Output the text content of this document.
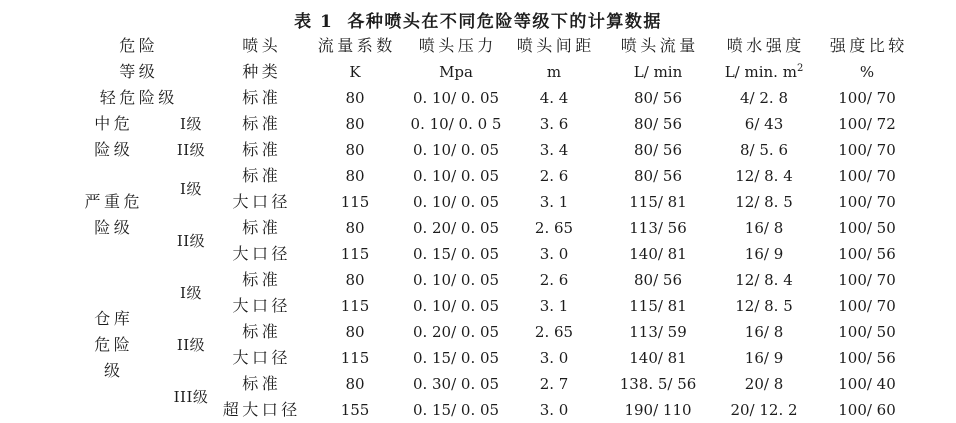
表 1 各种喷头在不同危险等级下的计算数据
危险		喷头	流量系数	喷头压力	喷头间距	喷头流量	喷水强度	强度比较
等级		种类	K	Mpa	m	L/ min	L/ min. $m^2$	%
轻危险级		标准	80	0. 10/ 0. 05	4. 4	80/ 56	4/ 2. 8	100/ 70

中危
险级	I级	标准	80	0. 10/ 0. 0 5	3. 6	80/ 56	6/ 43	100/ 72
	II级	标准	80	0. 10/ 0. 05	3. 4	80/ 56	8/ 5. 6	100/ 70

严重危
险级	I级	标准	80	0. 10/ 0. 05	2. 6	80/ 56	12/ 8. 4	100/ 70
		大口径	115	0. 10/ 0. 05	3. 1	115/ 81	12/ 8. 5	100/ 70
	II级	标准	80	0. 20/ 0. 05	2. 65	113/ 56	16/ 8	100/ 50
		大口径	115	0. 15/ 0. 05	3. 0	140/ 81	16/ 9	100/ 56

仓库
危险
级	I级	标准	80	0. 10/ 0. 05	2. 6	80/ 56	12/ 8. 4	100/ 70
		大口径	115	0. 10/ 0. 05	3. 1	115/ 81	12/ 8. 5	100/ 70
	II级	标准	80	0. 20/ 0. 05	2. 65	113/ 59	16/ 8	100/ 50
		大口径	115	0. 15/ 0. 05	3. 0	140/ 81	16/ 9	100/ 56
	III级	标准	80	0. 30/ 0. 05	2. 7	138. 5/ 56	20/ 8	100/ 40
		超大口径	155	0. 15/ 0. 05	3. 0	190/ 110	20/ 12. 2	100/ 60
